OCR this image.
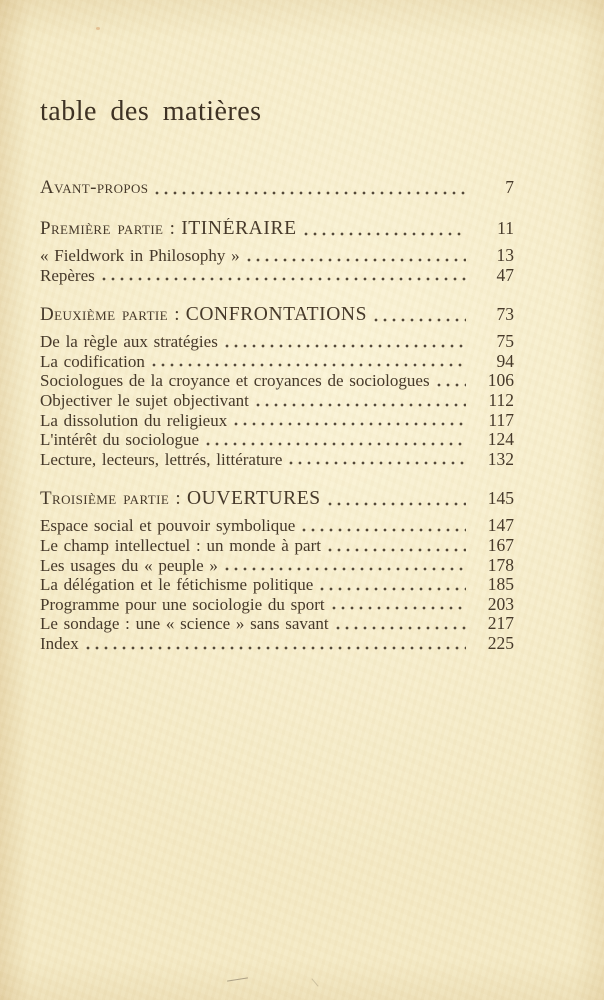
table des matières
Avant-propos	7
Première partie : ITINÉRAIRE	11
« Fieldwork in Philosophy »	13
Repères	47
Deuxième partie : CONFRONTATIONS	73
De la règle aux stratégies	75
La codification	94
Sociologues de la croyance et croyances de sociologues	106
Objectiver le sujet objectivant	112
La dissolution du religieux	117
L'intérêt du sociologue	124
Lecture, lecteurs, lettrés, littérature	132
Troisième partie : OUVERTURES	145
Espace social et pouvoir symbolique	147
Le champ intellectuel : un monde à part	167
Les usages du « peuple »	178
La délégation et le fétichisme politique	185
Programme pour une sociologie du sport	203
Le sondage : une « science » sans savant	217
Index	225
